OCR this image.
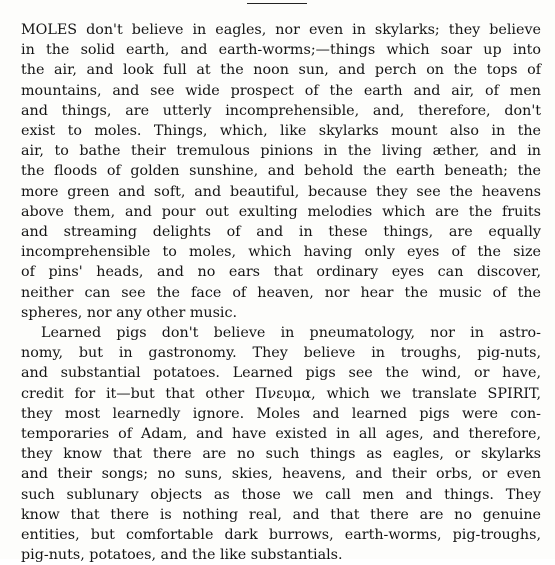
MOLES don't believe in eagles, nor even in skylarks; they believe
in the solid earth, and earth-worms;—things which soar up into
the air, and look full at the noon sun, and perch on the tops of
mountains, and see wide prospect of the earth and air, of men
and things, are utterly incomprehensible, and, therefore, don't
exist to moles. Things, which, like skylarks mount also in the
air, to bathe their tremulous pinions in the living æther, and in
the floods of golden sunshine, and behold the earth beneath; the
more green and soft, and beautiful, because they see the heavens
above them, and pour out exulting melodies which are the fruits
and streaming delights of and in these things, are equally
incomprehensible to moles, which having only eyes of the size
of pins' heads, and no ears that ordinary eyes can discover,
neither can see the face of heaven, nor hear the music of the
spheres, nor any other music.
Learned pigs don't believe in pneumatology, nor in astro-
nomy, but in gastronomy. They believe in troughs, pig-nuts,
and substantial potatoes. Learned pigs see the wind, or have,
credit for it—but that other Πνευμα, which we translate SPIRIT,
they most learnedly ignore. Moles and learned pigs were con-
temporaries of Adam, and have existed in all ages, and therefore,
they know that there are no such things as eagles, or skylarks
and their songs; no suns, skies, heavens, and their orbs, or even
such sublunary objects as those we call men and things. They
know that there is nothing real, and that there are no genuine
entities, but comfortable dark burrows, earth-worms, pig-troughs,
pig-nuts, potatoes, and the like substantials.
